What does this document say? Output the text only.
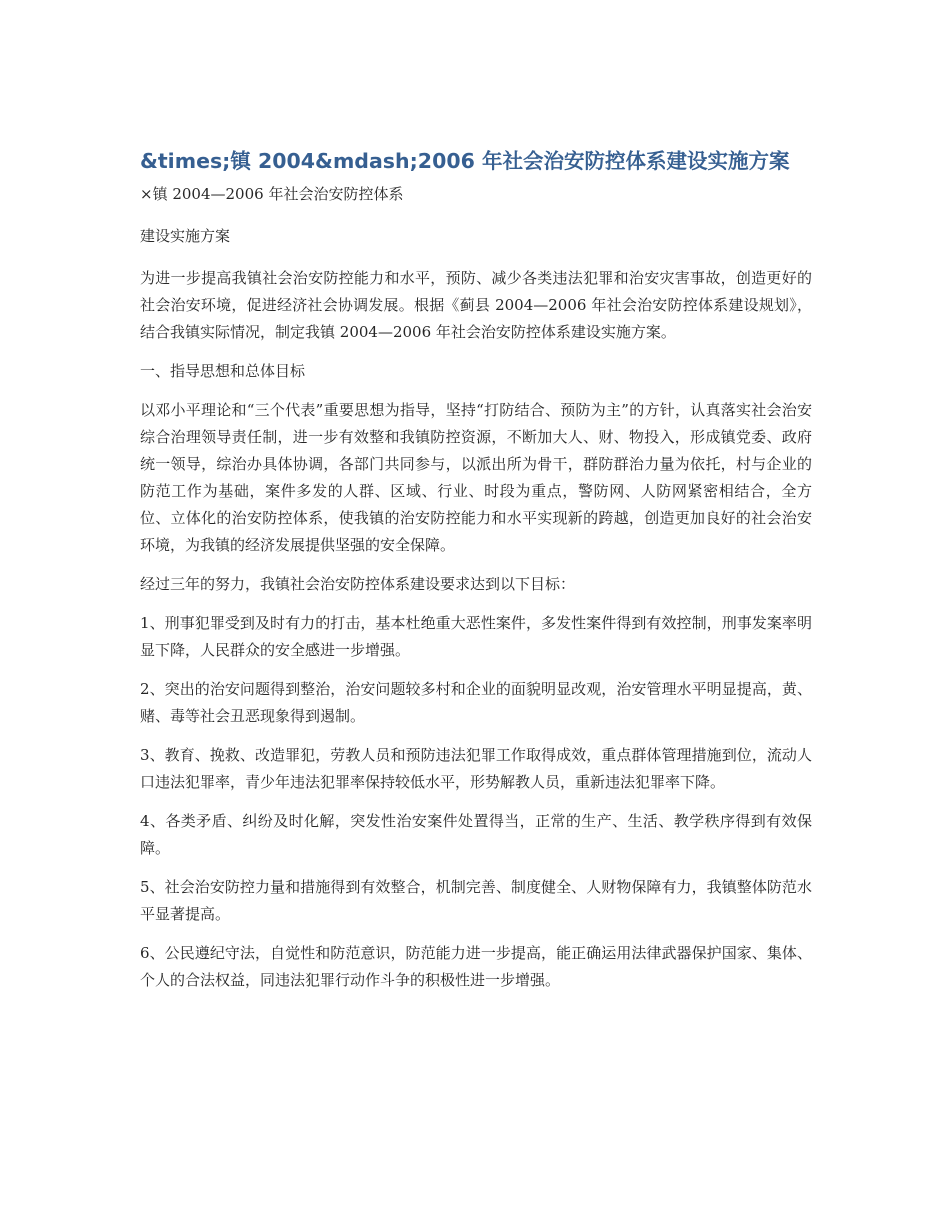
&times;镇 2004&mdash;2006 年社会治安防控体系建设实施方案
×镇 2004—2006 年社会治安防控体系
建设实施方案

为进一步提高我镇社会治安防控能力和水平，预防、减少各类违法犯罪和治安灾害事故，创造更好的社会治安环境，促进经济社会协调发展。根据《蓟县 2004—2006 年社会治安防控体系建设规划》，结合我镇实际情况，制定我镇 2004—2006 年社会治安防控体系建设实施方案。

一、指导思想和总体目标

以邓小平理论和“三个代表”重要思想为指导，坚持“打防结合、预防为主”的方针，认真落实社会治安综合治理领导责任制，进一步有效整和我镇防控资源，不断加大人、财、物投入，形成镇党委、政府统一领导，综治办具体协调，各部门共同参与，以派出所为骨干，群防群治力量为依托，村与企业的防范工作为基础，案件多发的人群、区域、行业、时段为重点，警防网、人防网紧密相结合，全方位、立体化的治安防控体系，使我镇的治安防控能力和水平实现新的跨越，创造更加良好的社会治安环境，为我镇的经济发展提供坚强的安全保障。

经过三年的努力，我镇社会治安防控体系建设要求达到以下目标：

1、刑事犯罪受到及时有力的打击，基本杜绝重大恶性案件，多发性案件得到有效控制，刑事发案率明显下降，人民群众的安全感进一步增强。

2、突出的治安问题得到整治，治安问题较多村和企业的面貌明显改观，治安管理水平明显提高，黄、赌、毒等社会丑恶现象得到遏制。

3、教育、挽救、改造罪犯，劳教人员和预防违法犯罪工作取得成效，重点群体管理措施到位，流动人口违法犯罪率，青少年违法犯罪率保持较低水平，形势解教人员，重新违法犯罪率下降。

4、各类矛盾、纠纷及时化解，突发性治安案件处置得当，正常的生产、生活、教学秩序得到有效保障。

5、社会治安防控力量和措施得到有效整合，机制完善、制度健全、人财物保障有力，我镇整体防范水平显著提高。

6、公民遵纪守法，自觉性和防范意识，防范能力进一步提高，能正确运用法律武器保护国家、集体、个人的合法权益，同违法犯罪行动作斗争的积极性进一步增强。
